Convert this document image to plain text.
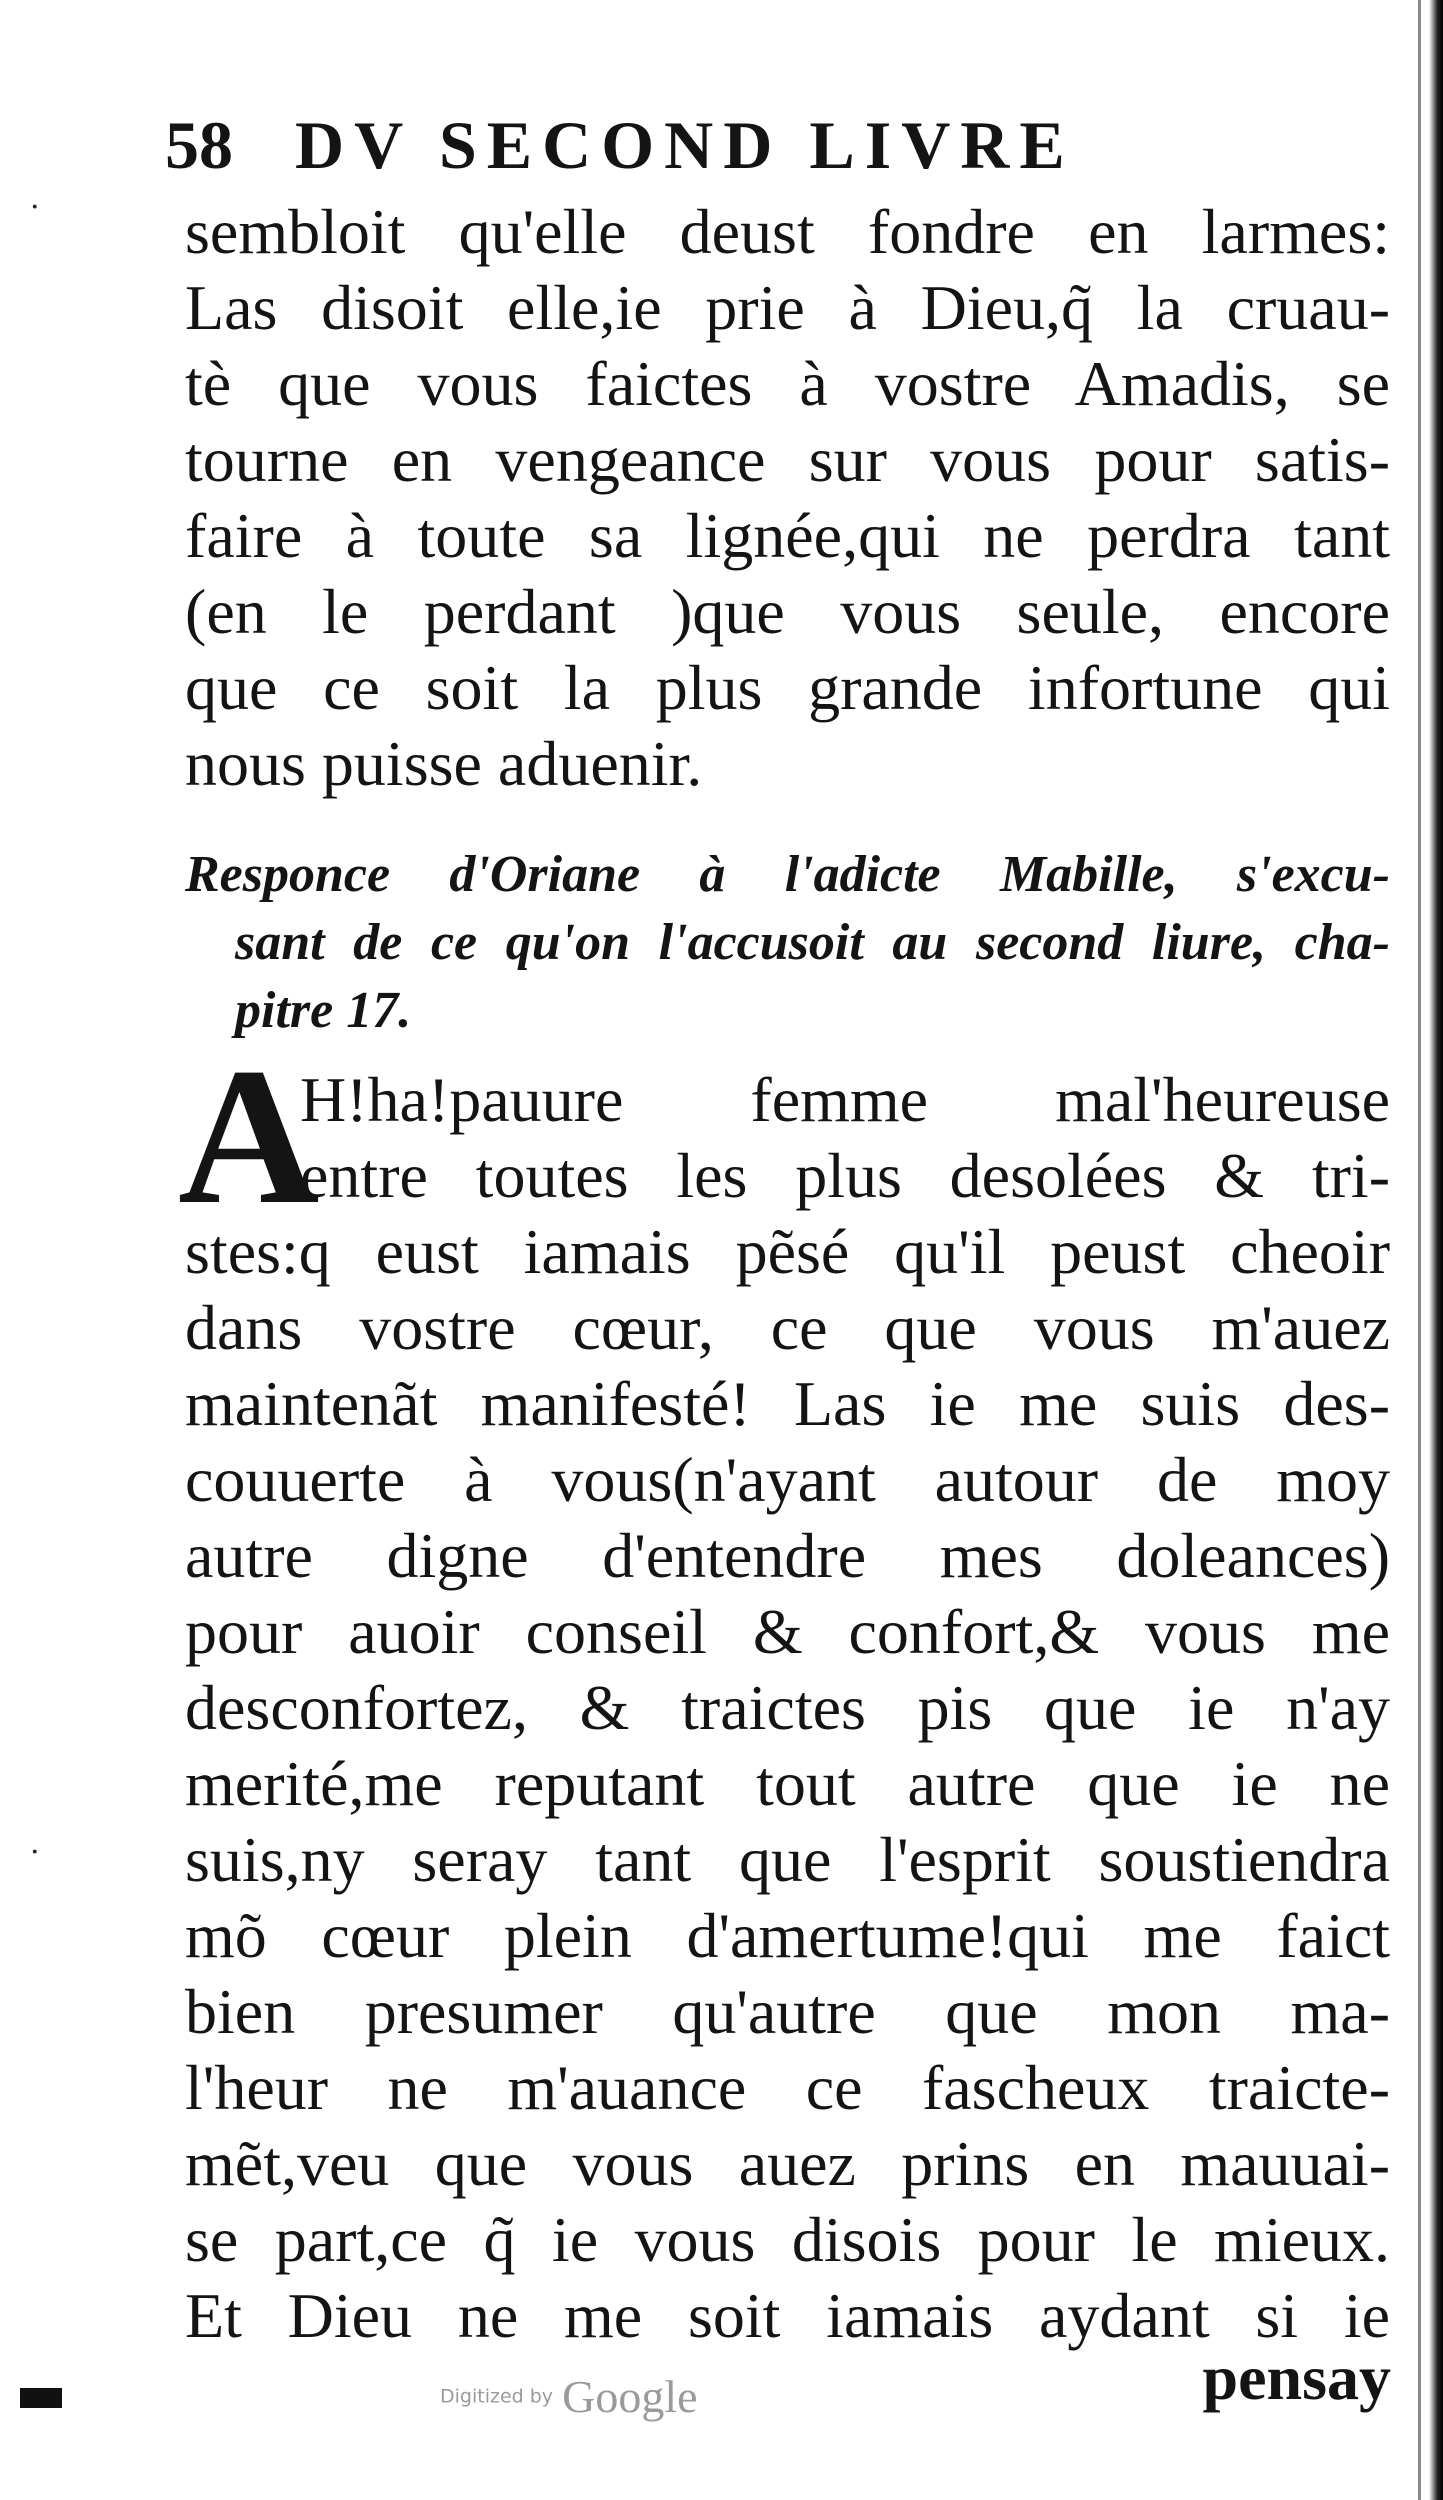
58 DV SECOND LIVRE
·
·
sembloit qu'elle deust fondre en larmes:
Las disoit elle,ie prie à Dieu,q̃ la cruau-
tè que vous faictes à vostre Amadis, se
tourne en vengeance sur vous pour satis-
faire à toute sa lignée,qui ne perdra tant
(en le perdant )que vous seule, encore
que ce soit la plus grande infortune qui
nous puisse aduenir.
Responce d'Oriane à l'adicte Mabille, s'excu-
sant de ce qu'on l'accusoit au second liure, cha-
pitre 17.
A
H!ha!pauure femme mal'heureuse
entre toutes les plus desolées & tri-
stes:q eust iamais pẽsé qu'il peust cheoir
dans vostre cœur, ce que vous m'auez
maintenãt manifesté! Las ie me suis des-
couuerte à vous(n'ayant autour de moy
autre digne d'entendre mes doleances)
pour auoir conseil & confort,& vous me
desconfortez, & traictes pis que ie n'ay
merité,me reputant tout autre que ie ne
suis,ny seray tant que l'esprit soustiendra
mõ cœur plein d'amertume!qui me faict
bien presumer qu'autre que mon ma-
l'heur ne m'auance ce fascheux traicte-
mẽt,veu que vous auez prins en mauuai-
se part,ce q̃ ie vous disois pour le mieux.
Et Dieu ne me soit iamais aydant si ie
pensay
Digitized by Google
